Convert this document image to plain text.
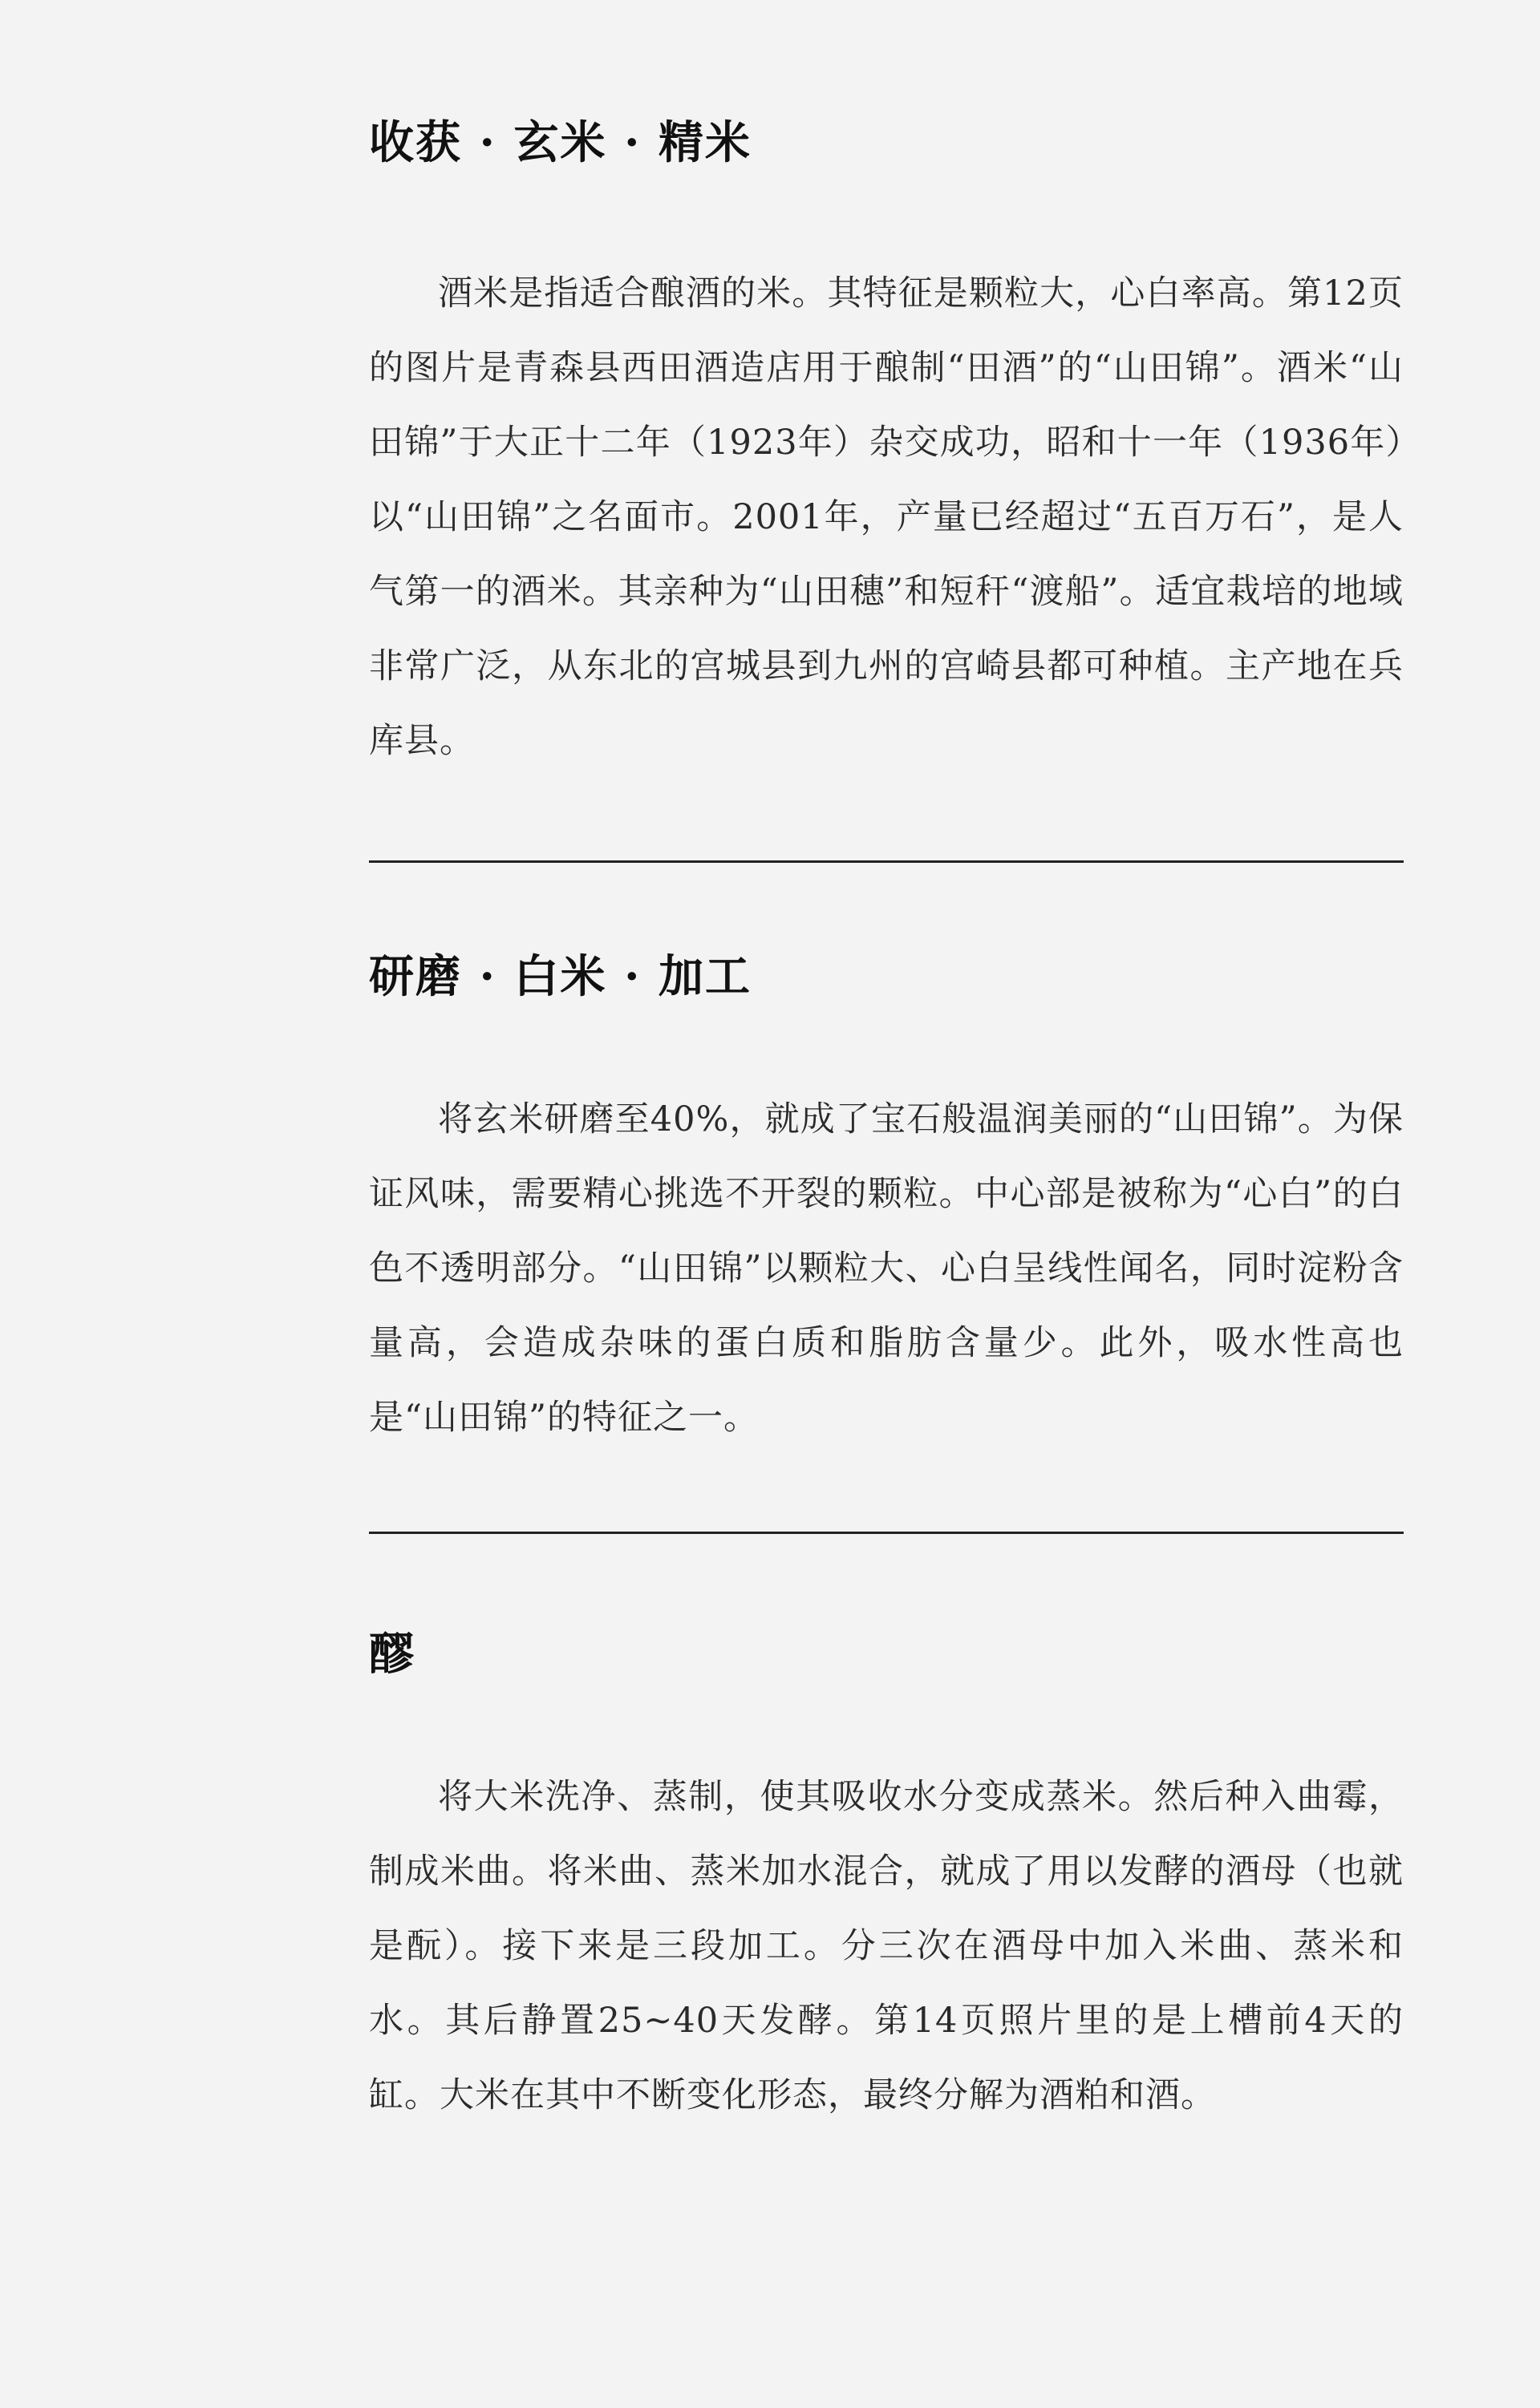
收获 · 玄米 · 精米

酒米是指适合酿酒的米。其特征是颗粒大，心白率高。第12页的图片是青森县西田酒造店用于酿制“田酒”的“山田锦”。酒米“山田锦”于大正十二年（1923年）杂交成功，昭和十一年（1936年）以“山田锦”之名面市。2001年，产量已经超过“五百万石”，是人气第一的酒米。其亲种为“山田穗”和短秆“渡船”。适宜栽培的地域非常广泛，从东北的宫城县到九州的宫崎县都可种植。主产地在兵库县。

研磨 · 白米 · 加工

将玄米研磨至40%，就成了宝石般温润美丽的“山田锦”。为保证风味，需要精心挑选不开裂的颗粒。中心部是被称为“心白”的白色不透明部分。“山田锦”以颗粒大、心白呈线性闻名，同时淀粉含量高，会造成杂味的蛋白质和脂肪含量少。此外，吸水性高也是“山田锦”的特征之一。

醪

将大米洗净、蒸制，使其吸收水分变成蒸米。然后种入曲霉，制成米曲。将米曲、蒸米加水混合，就成了用以发酵的酒母（也就是酛）。接下来是三段加工。分三次在酒母中加入米曲、蒸米和水。其后静置25~40天发酵。第14页照片里的是上槽前4天的缸。大米在其中不断变化形态，最终分解为酒粕和酒。
